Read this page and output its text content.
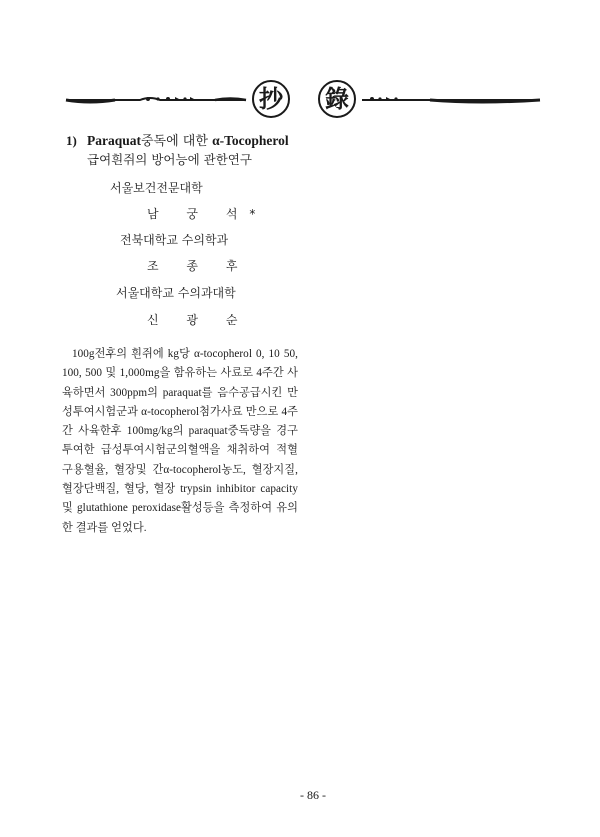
抄 錄
1) Paraquat중독에 대한 α-Tocopherol
급여흰쥐의 방어능에 관한연구
서울보건전문대학
남 궁 석*
전북대학교 수의학과
조 종 후
서울대학교 수의과대학
신 광 순

100g전후의 흰쥐에 kg당 α-tocopherol 0, 10 50, 100, 500 및 1,000mg을 함유하는 사료로 4주간 사육하면서 300ppm의 paraquat를 음수공급시킨 만성투여시험군과 α-tocopherol첨가사료 만으로 4주간 사육한후 100mg/kg의 paraquat중독량을 경구투여한 급성투여시험군의혈액을 채취하여 적혈구용혈율, 혈장및 간α-tocopherol농도, 혈장지질, 혈장단백질, 혈당, 혈장 trypsin inhibitor capacity 및 glutathione peroxidase활성등을 측정하여 유의한 결과를 얻었다.

- 86 -
